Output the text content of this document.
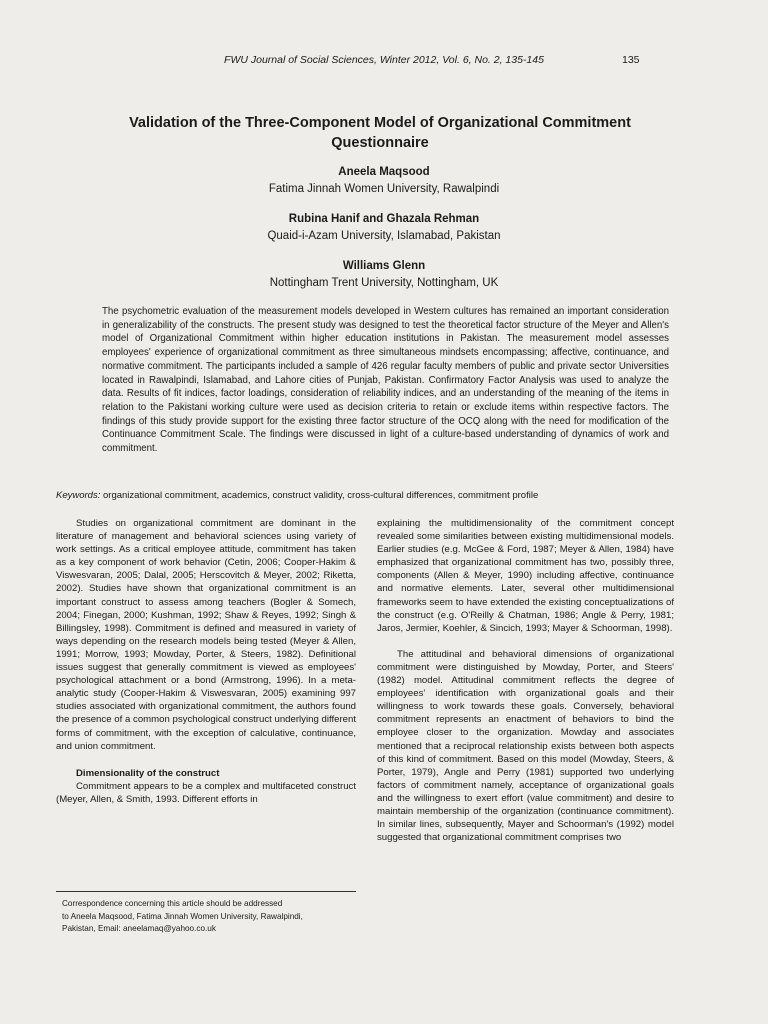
FWU Journal of Social Sciences, Winter 2012, Vol. 6, No. 2, 135-145	135
Validation of the Three-Component Model of Organizational Commitment Questionnaire
Aneela Maqsood
Fatima Jinnah Women University, Rawalpindi
Rubina Hanif and Ghazala Rehman
Quaid-i-Azam University, Islamabad, Pakistan
Williams Glenn
Nottingham Trent University, Nottingham, UK
The psychometric evaluation of the measurement models developed in Western cultures has remained an important consideration in generalizability of the constructs. The present study was designed to test the theoretical factor structure of the Meyer and Allen's model of Organizational Commitment within higher education institutions in Pakistan. The measurement model assesses employees' experience of organizational commitment as three simultaneous mindsets encompassing; affective, continuance, and normative commitment. The participants included a sample of 426 regular faculty members of public and private sector Universities located in Rawalpindi, Islamabad, and Lahore cities of Punjab, Pakistan. Confirmatory Factor Analysis was used to analyze the data. Results of fit indices, factor loadings, consideration of reliability indices, and an understanding of the meaning of the items in relation to the Pakistani working culture were used as decision criteria to retain or exclude items within respective factors. The findings of this study provide support for the existing three factor structure of the OCQ along with the need for modification of the Continuance Commitment Scale. The findings were discussed in light of a culture-based understanding of dynamics of work and commitment.
Keywords: organizational commitment, academics, construct validity, cross-cultural differences, commitment profile

Studies on organizational commitment are dominant in the literature of management and behavioral sciences using variety of work settings. As a critical employee attitude, commitment has taken as a key component of work behavior (Cetin, 2006; Cooper-Hakim & Viswesvaran, 2005; Dalal, 2005; Herscovitch & Meyer, 2002; Riketta, 2002). Studies have shown that organizational commitment is an important construct to assess among teachers (Bogler & Somech, 2004; Finegan, 2000; Kushman, 1992; Shaw & Reyes, 1992; Singh & Billingsley, 1998). Commitment is defined and measured in variety of ways depending on the research models being tested (Meyer & Allen, 1991; Morrow, 1993; Mowday, Porter, & Steers, 1982). Definitional issues suggest that generally commitment is viewed as employees' psychological attachment or a bond (Armstrong, 1996). In a meta-analytic study (Cooper-Hakim & Viswesvaran, 2005) examining 997 studies associated with organizational commitment, the authors found the presence of a common psychological construct underlying different forms of commitment, with the exception of calculative, continuance, and union commitment.

Dimensionality of the construct

Commitment appears to be a complex and multifaceted construct (Meyer, Allen, & Smith, 1993. Different efforts in

explaining the multidimensionality of the commitment concept revealed some similarities between existing multidimensional models. Earlier studies (e.g. McGee & Ford, 1987; Meyer & Allen, 1984) have emphasized that organizational commitment has two, possibly three, components (Allen & Meyer, 1990) including affective, continuance and normative elements. Later, several other multidimensional frameworks seem to have extended the existing conceptualizations of the construct (e.g. O'Reilly & Chatman, 1986; Angle & Perry, 1981; Jaros, Jermier, Koehler, & Sincich, 1993; Mayer & Schoorman, 1998).

The attitudinal and behavioral dimensions of organizational commitment were distinguished by Mowday, Porter, and Steers' (1982) model. Attitudinal commitment reflects the degree of employees' identification with organizational goals and their willingness to work towards these goals. Conversely, behavioral commitment represents an enactment of behaviors to bind the employee closer to the organization. Mowday and associates mentioned that a reciprocal relationship exists between both aspects of this kind of commitment. Based on this model (Mowday, Steers, & Porter, 1979), Angle and Perry (1981) supported two underlying factors of commitment namely, acceptance of organizational goals and the willingness to exert effort (value commitment) and desire to maintain membership of the organization (continuance commitment). In similar lines, subsequently, Mayer and Schoorman's (1992) model suggested that organizational commitment comprises two

Correspondence concerning this article should be addressed
to Aneela Maqsood, Fatima Jinnah Women University, Rawalpindi,
Pakistan, Email: aneelamaq@yahoo.co.uk
